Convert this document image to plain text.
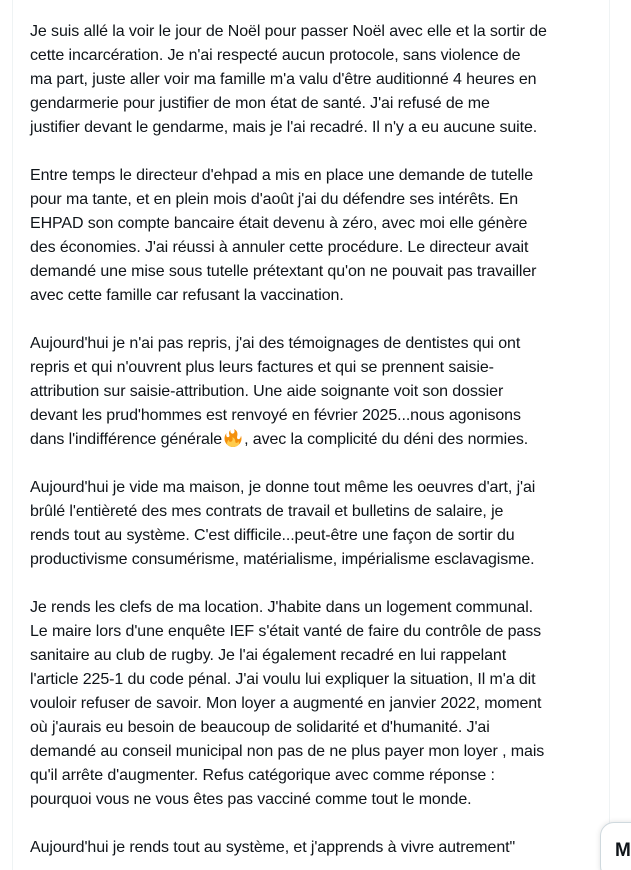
Je suis allé la voir le jour de Noël pour passer Noël avec elle et la sortir de
cette incarcération. Je n'ai respecté aucun protocole, sans violence de
ma part, juste aller voir ma famille m'a valu d'être auditionné 4 heures en
gendarmerie pour justifier de mon état de santé. J'ai refusé de me
justifier devant le gendarme, mais je l'ai recadré. Il n'y a eu aucune suite.

Entre temps le directeur d'ehpad a mis en place une demande de tutelle
pour ma tante, et en plein mois d'août j'ai du défendre ses intérêts. En
EHPAD son compte bancaire était devenu à zéro, avec moi elle génère
des économies. J'ai réussi à annuler cette procédure. Le directeur avait
demandé une mise sous tutelle prétextant qu'on ne pouvait pas travailler
avec cette famille car refusant la vaccination.

Aujourd'hui je n'ai pas repris, j'ai des témoignages de dentistes qui ont
repris et qui n'ouvrent plus leurs factures et qui se prennent saisie-
attribution sur saisie-attribution. Une aide soignante voit son dossier
devant les prud'hommes est renvoyé en février 2025...nous agonisons
dans l'indifférence générale , avec la complicité du déni des normies.

Aujourd'hui je vide ma maison, je donne tout même les oeuvres d'art, j'ai
brûlé l'entièreté des mes contrats de travail et bulletins de salaire, je
rends tout au système. C'est difficile...peut-être une façon de sortir du
productivisme consumérisme, matérialisme, impérialisme esclavagisme.

Je rends les clefs de ma location. J'habite dans un logement communal.
Le maire lors d'une enquête IEF s'était vanté de faire du contrôle de pass
sanitaire au club de rugby. Je l'ai également recadré en lui rappelant
l'article 225-1 du code pénal. J'ai voulu lui expliquer la situation, Il m'a dit
vouloir refuser de savoir. Mon loyer a augmenté en janvier 2022, moment
où j'aurais eu besoin de beaucoup de solidarité et d'humanité. J'ai
demandé au conseil municipal non pas de ne plus payer mon loyer , mais
qu'il arrête d'augmenter. Refus catégorique avec comme réponse :
pourquoi vous ne vous êtes pas vacciné comme tout le monde.

Aujourd'hui je rends tout au système, et j'apprends à vivre autrement"	M
